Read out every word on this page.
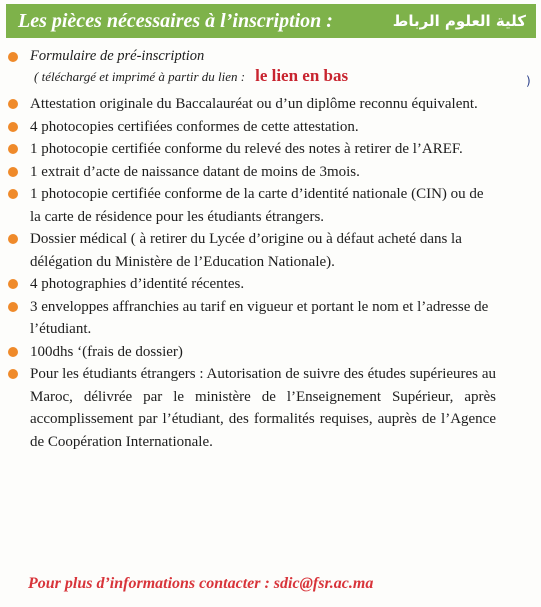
Les pièces nécessaires à l’inscription :	كلية العلوم الرباط
Formulaire de pré-inscription
( téléchargé et imprimé à partir du lien : le lien en bas
Attestation originale du Baccalauréat ou d’un diplôme reconnu équivalent.
4 photocopies certifiées conformes de cette attestation.
1 photocopie certifiée conforme du relevé des notes à retirer de l’AREF.
1 extrait d’acte de naissance datant de moins de 3mois.
1 photocopie certifiée conforme de la carte d’identité nationale (CIN) ou de la carte de résidence pour les étudiants étrangers.
Dossier médical ( à retirer du Lycée d’origine ou à défaut acheté dans la délégation du Ministère de l’Education Nationale).
4 photographies d’identité récentes.
3 enveloppes affranchies au tarif en vigueur et portant le nom et l’adresse de l’étudiant.
100dhs ‘(frais de dossier)
Pour les étudiants étrangers : Autorisation de suivre des études supérieures au Maroc, délivrée par le ministère de l’Enseignement Supérieur, après accomplissement par l’étudiant, des formalités requises, auprès de l’Agence de Coopération Internationale.
)
Pour plus d’informations contacter : sdic@fsr.ac.ma
